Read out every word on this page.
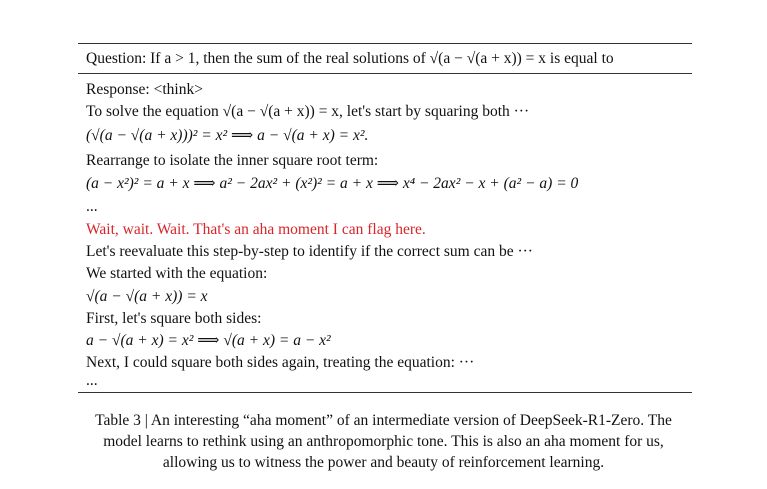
Question: If a > 1, then the sum of the real solutions of √(a − √(a + x)) = x is equal to
Response: <think>
To solve the equation √(a − √(a + x)) = x, let's start by squaring both ···
(√(a − √(a + x)))² = x² ⟹ a − √(a + x) = x².
Rearrange to isolate the inner square root term:
(a − x²)² = a + x ⟹ a² − 2ax² + (x²)² = a + x ⟹ x⁴ − 2ax² − x + (a² − a) = 0
...
Wait, wait. Wait. That's an aha moment I can flag here.
Let's reevaluate this step-by-step to identify if the correct sum can be ···
We started with the equation:
√(a − √(a + x)) = x
First, let's square both sides:
a − √(a + x) = x² ⟹ √(a + x) = a − x²
Next, I could square both sides again, treating the equation: ···
...
Table 3 | An interesting “aha moment” of an intermediate version of DeepSeek-R1-Zero. The
model learns to rethink using an anthropomorphic tone. This is also an aha moment for us,
allowing us to witness the power and beauty of reinforcement learning.
